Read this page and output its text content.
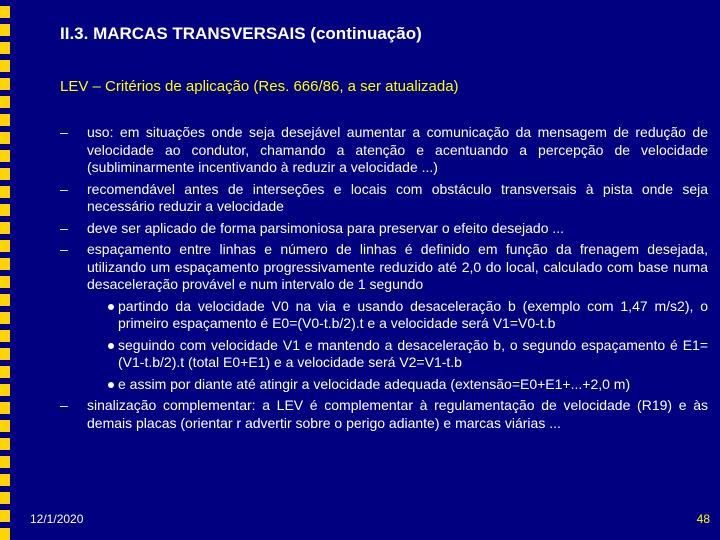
II.3. MARCAS TRANSVERSAIS (continuação)
LEV – Critérios de aplicação (Res. 666/86, a ser atualizada)
– uso: em situações onde seja desejável aumentar a comunicação da mensagem de redução de velocidade ao condutor, chamando a atenção e acentuando a percepção de velocidade (subliminarmente incentivando à reduzir a velocidade ...)
– recomendável antes de interseções e locais com obstáculo transversais à pista onde seja necessário reduzir a velocidade
– deve ser aplicado de forma parsimoniosa para preservar o efeito desejado ...
– espaçamento entre linhas e número de linhas é definido em função da frenagem desejada, utilizando um espaçamento progressivamente reduzido até 2,0 do local, calculado com base numa desaceleração provável e num intervalo de 1 segundo
partindo da velocidade V0 na via e usando desaceleração b (exemplo com 1,47 m/s2), o primeiro espaçamento é E0=(V0-t.b/2).t e a velocidade será V1=V0-t.b
seguindo com velocidade V1 e mantendo a desaceleração b, o segundo espaçamento é E1=(V1-t.b/2).t (total E0+E1) e a velocidade será V2=V1-t.b
e assim por diante até atingir a velocidade adequada (extensão=E0+E1+...+2,0 m)
– sinalização complementar: a LEV é complementar à regulamentação de velocidade (R19) e às demais placas (orientar r advertir sobre o perigo adiante) e marcas viárias ...
12/1/2020	48
